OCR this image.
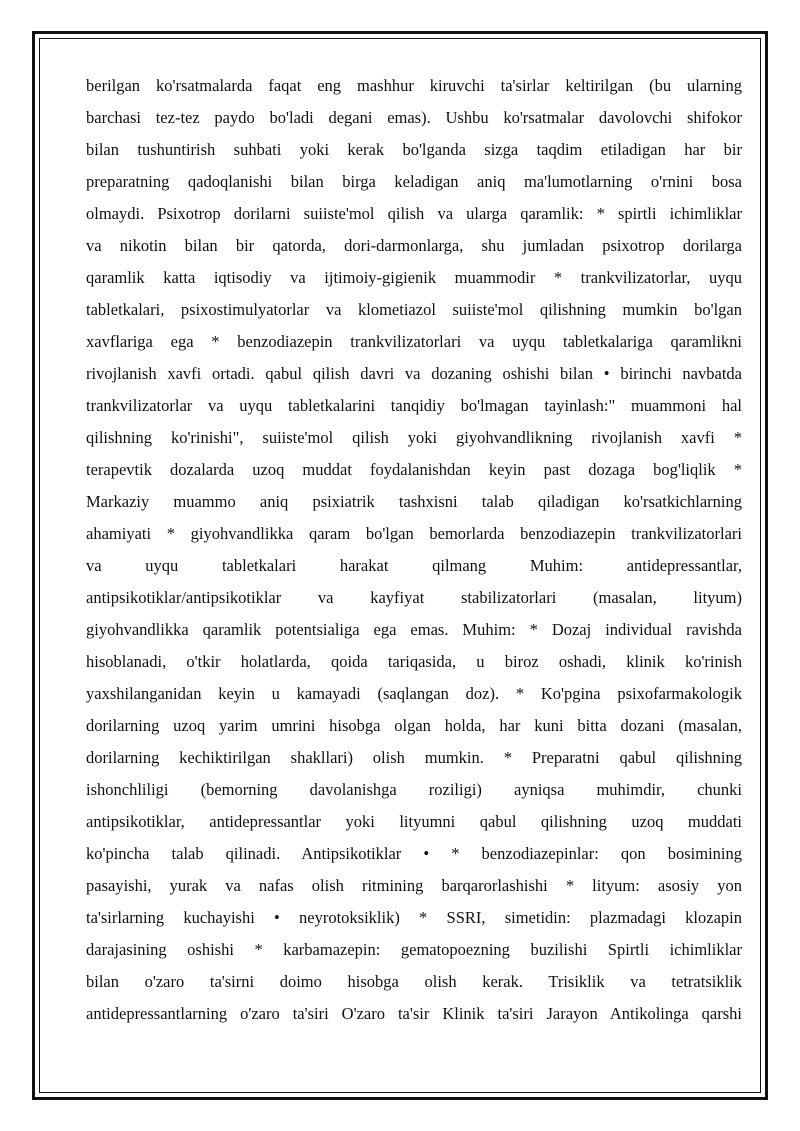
berilgan ko'rsatmalarda faqat eng mashhur kiruvchi ta'sirlar keltirilgan (bu ularning
barchasi tez-tez paydo bo'ladi degani emas). Ushbu ko'rsatmalar davolovchi shifokor
bilan tushuntirish suhbati yoki kerak bo'lganda sizga taqdim etiladigan har bir
preparatning qadoqlanishi bilan birga keladigan aniq ma'lumotlarning o'rnini bosa
olmaydi. Psixotrop dorilarni suiiste'mol qilish va ularga qaramlik: * spirtli ichimliklar
va nikotin bilan bir qatorda, dori-darmonlarga, shu jumladan psixotrop dorilarga
qaramlik katta iqtisodiy va ijtimoiy-gigienik muammodir * trankvilizatorlar, uyqu
tabletkalari, psixostimulyatorlar va klometiazol suiiste'mol qilishning mumkin bo'lgan
xavflariga ega * benzodiazepin trankvilizatorlari va uyqu tabletkalariga qaramlikni
rivojlanish xavfi ortadi. qabul qilish davri va dozaning oshishi bilan • birinchi navbatda
trankvilizatorlar va uyqu tabletkalarini tanqidiy bo'lmagan tayinlash:" muammoni hal
qilishning ko'rinishi", suiiste'mol qilish yoki giyohvandlikning rivojlanish xavfi *
terapevtik dozalarda uzoq muddat foydalanishdan keyin past dozaga bog'liqlik *
Markaziy muammo aniq psixiatrik tashxisni talab qiladigan ko'rsatkichlarning
ahamiyati * giyohvandlikka qaram bo'lgan bemorlarda benzodiazepin trankvilizatorlari
va uyqu tabletkalari harakat qilmang Muhim: antidepressantlar,
antipsikotiklar/antipsikotiklar va kayfiyat stabilizatorlari (masalan, lityum)
giyohvandlikka qaramlik potentsialiga ega emas. Muhim: * Dozaj individual ravishda
hisoblanadi, o'tkir holatlarda, qoida tariqasida, u biroz oshadi, klinik ko'rinish
yaxshilanganidan keyin u kamayadi (saqlangan doz). * Ko'pgina psixofarmakologik
dorilarning uzoq yarim umrini hisobga olgan holda, har kuni bitta dozani (masalan,
dorilarning kechiktirilgan shakllari) olish mumkin. * Preparatni qabul qilishning
ishonchliligi (bemorning davolanishga roziligi) ayniqsa muhimdir, chunki
antipsikotiklar, antidepressantlar yoki lityumni qabul qilishning uzoq muddati
ko'pincha talab qilinadi. Antipsikotiklar • * benzodiazepinlar: qon bosimining
pasayishi, yurak va nafas olish ritmining barqarorlashishi * lityum: asosiy yon
ta'sirlarning kuchayishi • neyrotoksiklik) * SSRI, simetidin: plazmadagi klozapin
darajasining oshishi * karbamazepin: gematopoezning buzilishi Spirtli ichimliklar
bilan o'zaro ta'sirni doimo hisobga olish kerak. Trisiklik va tetratsiklik
antidepressantlarning o'zaro ta'siri O'zaro ta'sir Klinik ta'siri Jarayon Antikolinga qarshi
